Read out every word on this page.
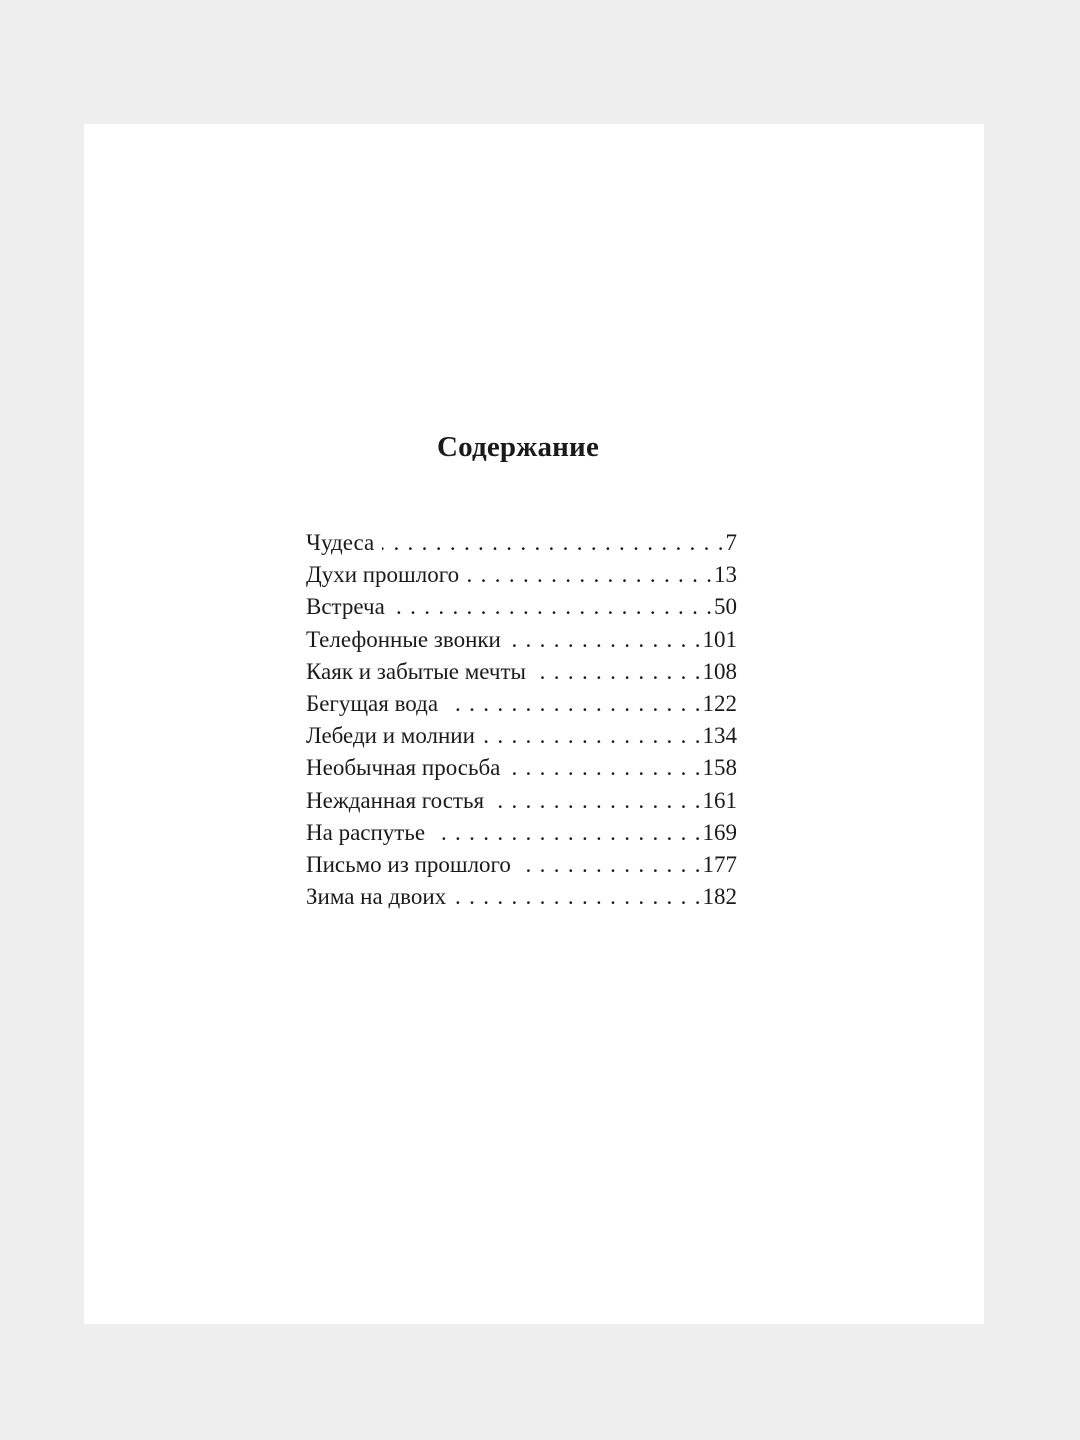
Содержание
Чудеса . . .	7
Духи прошлого . . .	13
Встреча . . .	50
Телефонные звонки . . .	101
Каяк и забытые мечты . . .	108
Бегущая вода . . .	122
Лебеди и молнии . . .	134
Необычная просьба . . .	158
Нежданная гостья . . .	161
На распутье . . .	169
Письмо из прошлого . . .	177
Зима на двоих . . .	182
